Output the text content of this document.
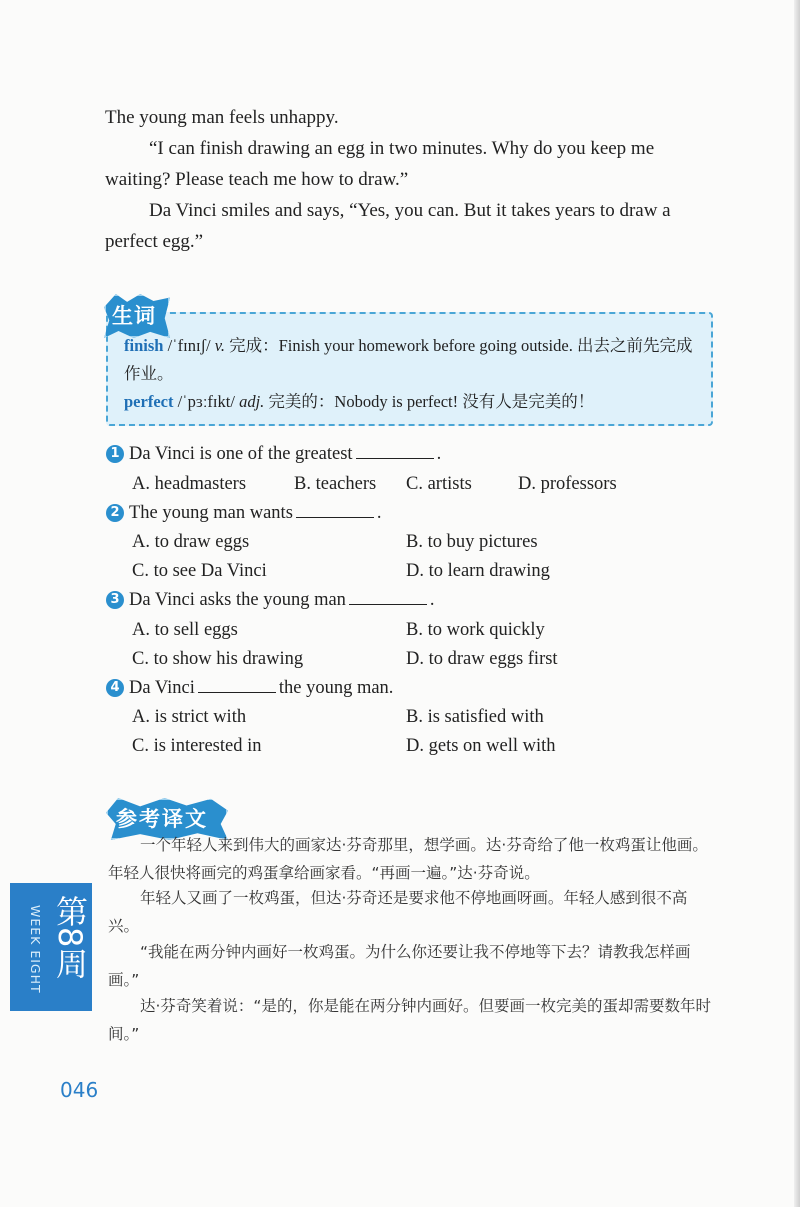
The young man feels unhappy.

“I can finish drawing an egg in two minutes. Why do you keep me waiting? Please teach me how to draw.”

Da Vinci smiles and says, “Yes, you can. But it takes years to draw a perfect egg.”

生词

finish /ˈfɪnɪʃ/ v. 完成：Finish your homework before going outside. 出去之前先完成作业。

perfect /ˈpɜːfɪkt/ adj. 完美的：Nobody is perfect! 没有人是完美的！

1 Da Vinci is one of the greatest	.
A. headmasters	B. teachers C. artists D. professors
2 The young man wants	.
A. to draw eggs	B. to buy pictures
C. to see Da Vinci	D. to learn drawing
3 Da Vinci asks the young man	.
A. to sell eggs	B. to work quickly
C. to show his drawing	D. to draw eggs first
4 Da Vinci	the young man.
A. is strict with	B. is satisfied with
C. is interested in	D. gets on well with
参考译文

一个年轻人来到伟大的画家达·芬奇那里，想学画。达·芬奇给了他一枚鸡蛋让他画。年轻人很快将画完的鸡蛋拿给画家看。“再画一遍。”达·芬奇说。

年轻人又画了一枚鸡蛋，但达·芬奇还是要求他不停地画呀画。年轻人感到很不高兴。

“我能在两分钟内画好一枚鸡蛋。为什么你还要让我不停地等下去？请教我怎样画画。”

达·芬奇笑着说：“是的，你是能在两分钟内画好。但要画一枚完美的蛋却需要数年时间。”

第8周
WEEK EIGHT
046
